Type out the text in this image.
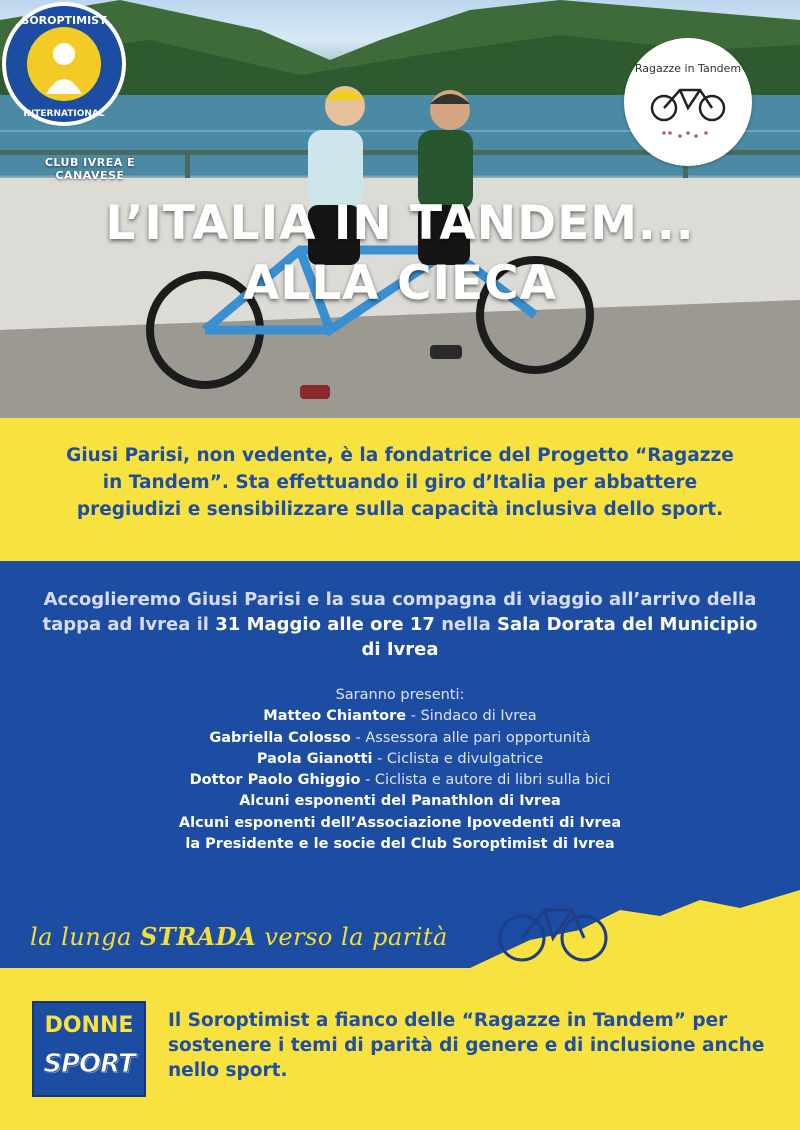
SOROPTIMIST
INTERNATIONAL
CLUB IVREA E CANAVESE
Ragazze in Tandem
L’ITALIA IN TANDEM...
ALLA CIECA

Giusi Parisi, non vedente, è la fondatrice del Progetto “Ragazze in Tandem”. Sta effettuando il giro d’Italia per abbattere pregiudizi e sensibilizzare sulla capacità inclusiva dello sport.

Accoglieremo Giusi Parisi e la sua compagna di viaggio all’arrivo della tappa ad Ivrea il 31 Maggio alle ore 17 nella Sala Dorata del Municipio di Ivrea

Saranno presenti:
Matteo Chiantore - Sindaco di Ivrea
Gabriella Colosso - Assessora alle pari opportunità
Paola Gianotti - Ciclista e divulgatrice
Dottor Paolo Ghiggio - Ciclista e autore di libri sulla bici
Alcuni esponenti del Panathlon di Ivrea
Alcuni esponenti dell’Associazione Ipovedenti di Ivrea
la Presidente e le socie del Club Soroptimist di Ivrea
la lunga STRADA verso la parità
DONNE
SPORT

Il Soroptimist a fianco delle “Ragazze in Tandem” per sostenere i temi di parità di genere e di inclusione anche nello sport.
